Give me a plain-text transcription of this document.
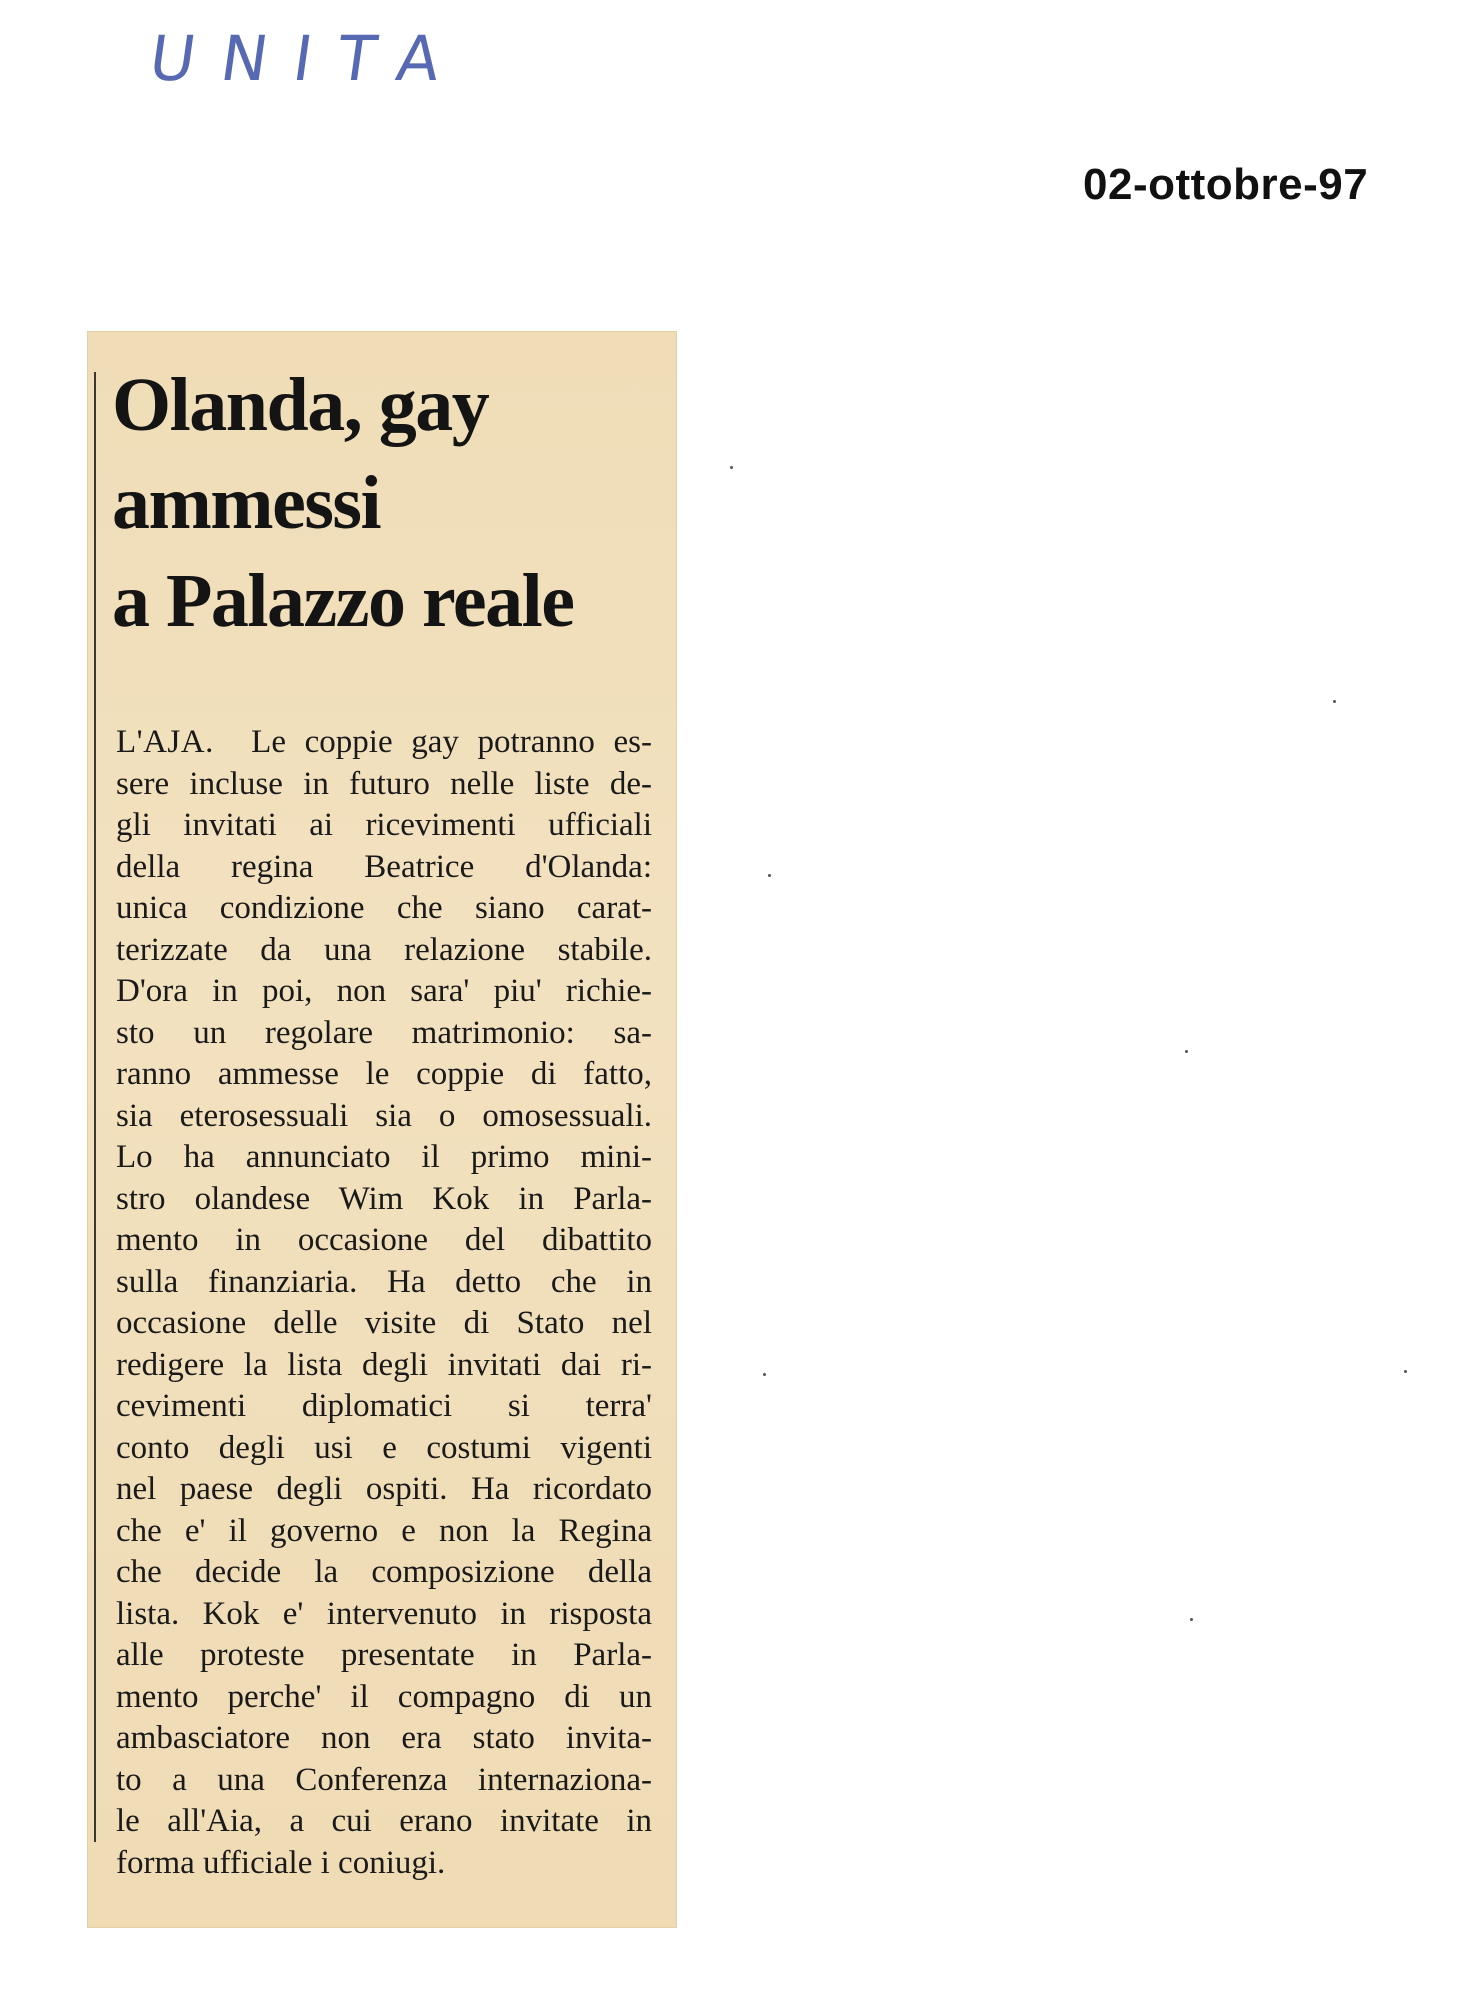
UNITA
02-ottobre-97
Olanda, gay
ammessi
a Palazzo reale

L'AJA. Le coppie gay potranno es-
sere incluse in futuro nelle liste de-
gli invitati ai ricevimenti ufficiali
della regina Beatrice d'Olanda:
unica condizione che siano carat-
terizzate da una relazione stabile.
D'ora in poi, non sara' piu' richie-
sto un regolare matrimonio: sa-
ranno ammesse le coppie di fatto,
sia eterosessuali sia o omosessuali.
Lo ha annunciato il primo mini-
stro olandese Wim Kok in Parla-
mento in occasione del dibattito
sulla finanziaria. Ha detto che in
occasione delle visite di Stato nel
redigere la lista degli invitati dai ri-
cevimenti diplomatici si terra'
conto degli usi e costumi vigenti
nel paese degli ospiti. Ha ricordato
che e' il governo e non la Regina
che decide la composizione della
lista. Kok e' intervenuto in risposta
alle proteste presentate in Parla-
mento perche' il compagno di un
ambasciatore non era stato invita-
to a una Conferenza internaziona-
le all'Aia, a cui erano invitate in
forma ufficiale i coniugi.
